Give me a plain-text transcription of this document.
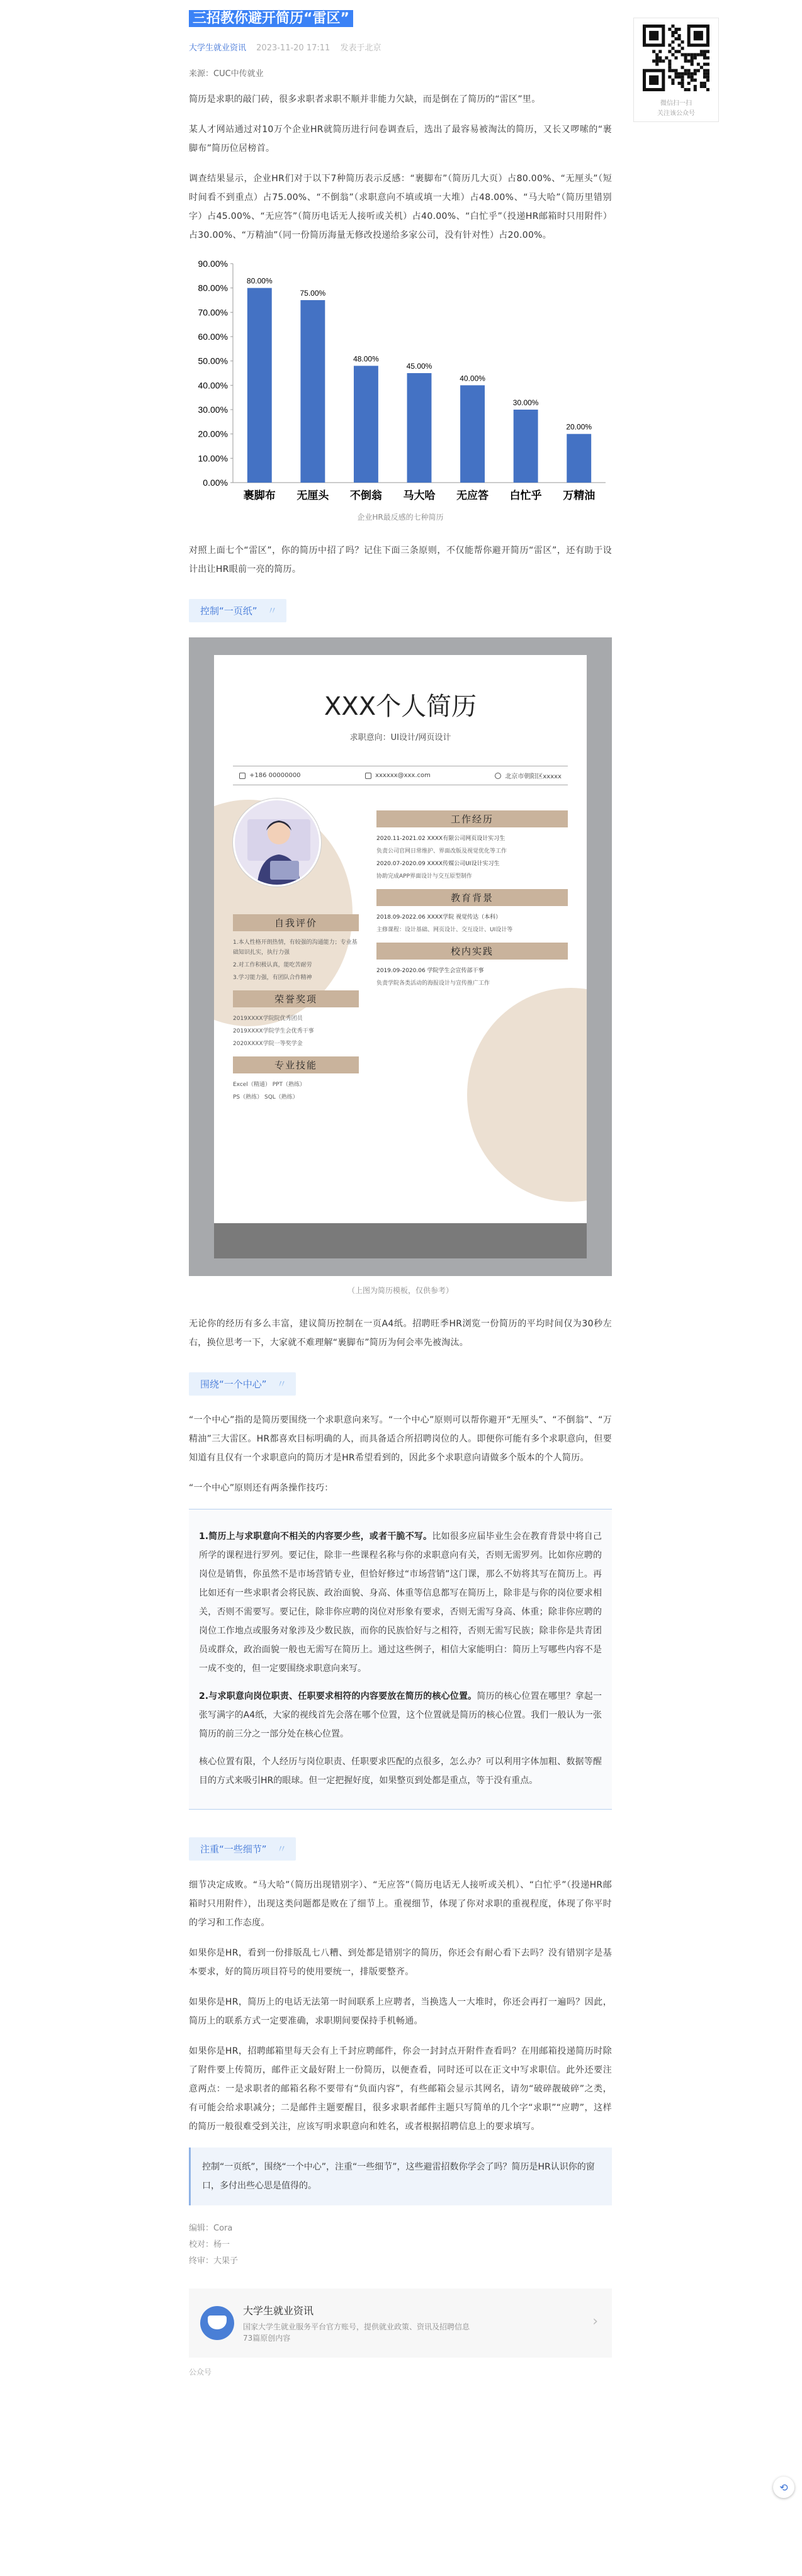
三招教你避开简历“雷区”
大学生就业资讯 2023-11-20 17:11 发表于北京

来源：CUC中传就业

简历是求职的敲门砖，很多求职者求职不顺并非能力欠缺，而是倒在了简历的“雷区”里。

某人才网站通过对10万个企业HR就简历进行问卷调查后，选出了最容易被淘汰的简历，又长又啰嗦的“裹脚布”简历位居榜首。

调查结果显示，企业HR们对于以下7种简历表示反感：“裹脚布”（简历几大页）占80.00%、“无厘头”（短时间看不到重点）占75.00%、“不倒翁”（求职意向不填或填一大堆）占48.00%、“马大哈”（简历里错别字）占45.00%、“无应答”（简历电话无人接听或关机）占40.00%、“白忙乎”（投递HR邮箱时只用附件）占30.00%、“万精油”（同一份简历海量无修改投递给多家公司，没有针对性）占20.00%。

0.00%
10.00%
20.00%
30.00%
40.00%
50.00%
60.00%
70.00%
80.00%
90.00%
80.00%
裹脚布
75.00%
无厘头
48.00%
不倒翁
45.00%
马大哈
40.00%
无应答
30.00%
白忙乎
20.00%
万精油
企业HR最反感的七种简历

对照上面七个“雷区”，你的简历中招了吗？记住下面三条原则，不仅能帮你避开简历“雷区”，还有助于设计出让HR眼前一亮的简历。

控制“一页纸” 〃
XXX个人简历
求职意向：UI设计/网页设计
+186 00000000	xxxxxx@xxx.com	北京市朝阳区xxxxx
自我评价
1.本人性格开朗热情，有较强的沟通能力；专业基础知识扎实，执行力强
2.对工作积极认真，能吃苦耐劳
3.学习能力强，有团队合作精神
荣誉奖项
2019XXXX学院院优秀团员
2019XXXX学院学生会优秀干事
2020XXXX学院一等奖学金
专业技能
Excel（精通） PPT（熟练）
PS（熟练） SQL（熟练）
工作经历
2020.11-2021.02 XXXX有限公司网页设计实习生
负责公司官网日常维护、界面改版及视觉优化等工作
2020.07-2020.09 XXXX传媒公司UI设计实习生
协助完成APP界面设计与交互原型制作
教育背景
2018.09-2022.06 XXXX学院 视觉传达（本科）
主修课程：设计基础、网页设计、交互设计、UI设计等
校内实践
2019.09-2020.06 学院学生会宣传部干事
负责学院各类活动的海报设计与宣传推广工作
（上图为简历模板，仅供参考）

无论你的经历有多么丰富，建议简历控制在一页A4纸。招聘旺季HR浏览一份简历的平均时间仅为30秒左右，换位思考一下，大家就不难理解“裹脚布”简历为何会率先被淘汰。

围绕“一个中心” 〃

“一个中心”指的是简历要围绕一个求职意向来写。“一个中心”原则可以帮你避开“无厘头”、“不倒翁”、“万精油”三大雷区。HR都喜欢目标明确的人，而具备适合所招聘岗位的人。即便你可能有多个求职意向，但要知道有且仅有一个求职意向的简历才是HR希望看到的，因此多个求职意向请做多个版本的个人简历。

“一个中心”原则还有两条操作技巧：

1.简历上与求职意向不相关的内容要少些，或者干脆不写。比如很多应届毕业生会在教育背景中将自己所学的课程进行罗列。要记住，除非一些课程名称与你的求职意向有关，否则无需罗列。比如你应聘的岗位是销售，你虽然不是市场营销专业，但恰好修过“市场营销”这门课，那么不妨将其写在简历上。再比如还有一些求职者会将民族、政治面貌、身高、体重等信息都写在简历上，除非是与你的岗位要求相关，否则不需要写。要记住，除非你应聘的岗位对形象有要求，否则无需写身高、体重；除非你应聘的岗位工作地点或服务对象涉及少数民族，而你的民族恰好与之相符，否则无需写民族；除非你是共青团员或群众，政治面貌一般也无需写在简历上。通过这些例子，相信大家能明白：简历上写哪些内容不是一成不变的，但一定要围绕求职意向来写。

2.与求职意向岗位职责、任职要求相符的内容要放在简历的核心位置。简历的核心位置在哪里？拿起一张写满字的A4纸，大家的视线首先会落在哪个位置，这个位置就是简历的核心位置。我们一般认为一张简历的前三分之一部分处在核心位置。

核心位置有限，个人经历与岗位职责、任职要求匹配的点很多，怎么办？可以利用字体加粗、数据等醒目的方式来吸引HR的眼球。但一定把握好度，如果整页到处都是重点，等于没有重点。

注重“一些细节” 〃

细节决定成败。“马大哈”（简历出现错别字）、“无应答”（简历电话无人接听或关机）、“白忙乎”（投递HR邮箱时只用附件），出现这类问题都是败在了细节上。重视细节，体现了你对求职的重视程度，体现了你平时的学习和工作态度。

如果你是HR，看到一份排版乱七八糟、到处都是错别字的简历，你还会有耐心看下去吗？没有错别字是基本要求，好的简历项目符号的使用要统一，排版要整齐。

如果你是HR，简历上的电话无法第一时间联系上应聘者，当换选人一大堆时，你还会再打一遍吗？因此，简历上的联系方式一定要准确，求职期间要保持手机畅通。

如果你是HR，招聘邮箱里每天会有上千封应聘邮件，你会一封封点开附件查看吗？在用邮箱投递简历时除了附件要上传简历，邮件正文最好附上一份简历，以便查看，同时还可以在正文中写求职信。此外还要注意两点：一是求职者的邮箱名称不要带有“负面内容”，有些邮箱会显示其网名，请勿“破碎靓破碎”之类，有可能会给求职减分；二是邮件主题要醒目，很多求职者邮件主题只写简单的几个字“求职”“应聘”，这样的简历一般很难受到关注，应该写明求职意向和姓名，或者根据招聘信息上的要求填写。

控制“一页纸”，围绕“一个中心”，注重“一些细节”，这些避雷招数你学会了吗？简历是HR认识你的窗口，多付出些心思是值得的。

编辑：Cora

校对：杨一

终审：大果子

大学生就业资讯
国家大学生就业服务平台官方账号，提供就业政策、资讯及招聘信息
73篇原创内容
›
公众号
微信扫一扫
关注该公众号
⟲
